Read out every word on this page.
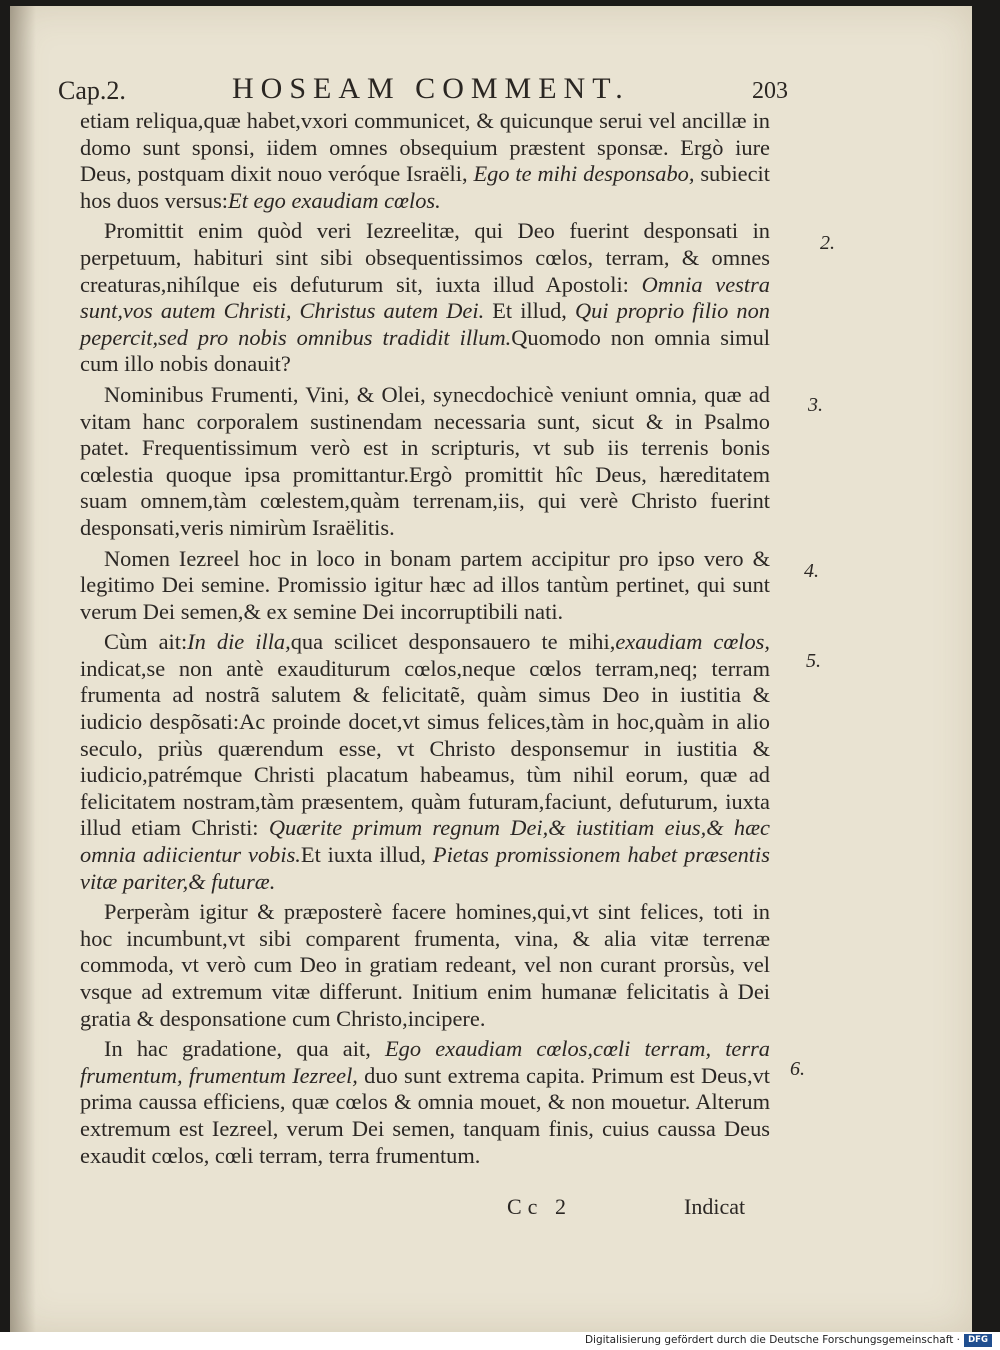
Cap.2.	HOSEAM COMMENT.	203

etiam reliqua,quæ habet,vxori communicet, & quicunque serui vel ancillæ in domo sunt sponsi, iidem omnes obsequium præstent sponsæ. Ergò iure Deus, postquam dixit nouo veróque Israëli, Ego te mihi desponsabo, subiecit hos duos versus:Et ego exaudiam cœlos.

Promittit enim quòd veri Iezreelitæ, qui Deo fuerint desponsati in perpetuum, habituri sint sibi obsequentissimos cœlos, terram, & omnes creaturas,nihílque eis defuturum sit, iuxta illud Apostoli: Omnia vestra sunt,vos autem Christi, Christus autem Dei. Et illud, Qui proprio filio non pepercit,sed pro nobis omnibus tradidit illum.Quomodo non omnia simul cum illo nobis donauit?

Nominibus Frumenti, Vini, & Olei, synecdochicè veniunt omnia, quæ ad vitam hanc corporalem sustinendam necessaria sunt, sicut & in Psalmo patet. Frequentissimum verò est in scripturis, vt sub iis terrenis bonis cœlestia quoque ipsa promittantur.Ergò promittit hîc Deus, hæreditatem suam omnem,tàm cœlestem,quàm terrenam,iis, qui verè Christo fuerint desponsati,veris nimirùm Israëlitis.

Nomen Iezreel hoc in loco in bonam partem accipitur pro ipso vero & legitimo Dei semine. Promissio igitur hæc ad illos tantùm pertinet, qui sunt verum Dei semen,& ex semine Dei incorruptibili nati.

Cùm ait:In die illa,qua scilicet desponsauero te mihi,exaudiam cœlos, indicat,se non antè exauditurum cœlos,neque cœlos terram,neq; terram frumenta ad nostrã salutem & felicitatẽ, quàm simus Deo in iustitia & iudicio despõsati:Ac proinde docet,vt simus felices,tàm in hoc,quàm in alio seculo, priùs quærendum esse, vt Christo desponsemur in iustitia & iudicio,patrémque Christi placatum habeamus, tùm nihil eorum, quæ ad felicitatem nostram,tàm præsentem, quàm futuram,faciunt, defuturum, iuxta illud etiam Christi: Quærite primum regnum Dei,& iustitiam eius,& hæc omnia adiicientur vobis.Et iuxta illud, Pietas promissionem habet præsentis vitæ pariter,& futuræ.

Perperàm igitur & præposterè facere homines,qui,vt sint felices, toti in hoc incumbunt,vt sibi comparent frumenta, vina, & alia vitæ terrenæ commoda, vt verò cum Deo in gratiam redeant, vel non curant prorsùs, vel vsque ad extremum vitæ differunt. Initium enim humanæ felicitatis à Dei gratia & desponsatione cum Christo,incipere.

In hac gradatione, qua ait, Ego exaudiam cœlos,cœli terram, terra frumentum, frumentum Iezreel, duo sunt extrema capita. Primum est Deus,vt prima caussa efficiens, quæ cœlos & omnia mouet, & non mouetur. Alterum extremum est Iezreel, verum Dei semen, tanquam finis, cuius caussa Deus exaudit cœlos, cœli terram, terra frumentum.

2.
3.
4.
5.
6.
Cc 2	Indicat
Digitalisierung gefördert durch die Deutsche Forschungsgemeinschaft · DFG
